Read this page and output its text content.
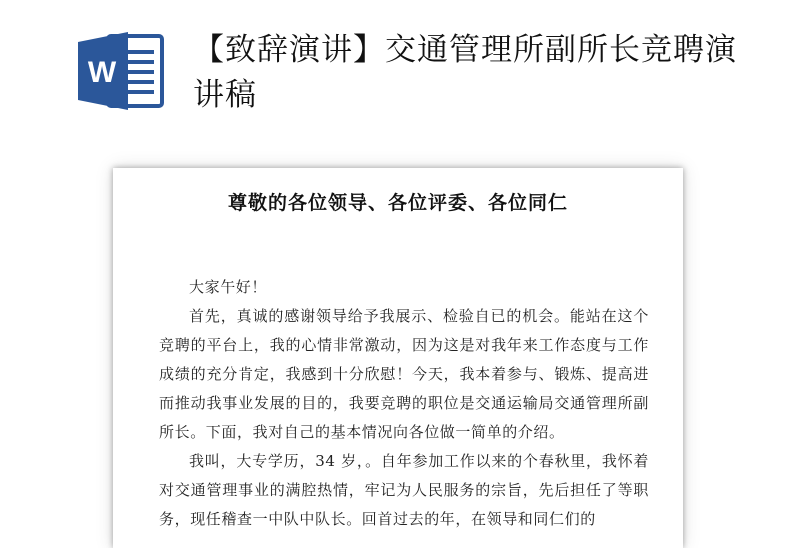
W
【致辞演讲】交通管理所副所长竞聘演讲稿
尊敬的各位领导、各位评委、各位同仁

大家午好！

首先，真诚的感谢领导给予我展示、检验自已的机会。能站在这个竞聘的平台上，我的心情非常激动，因为这是对我年来工作态度与工作成绩的充分肯定，我感到十分欣慰！今天，我本着参与、锻炼、提高进而推动我事业发展的目的，我要竞聘的职位是交通运输局交通管理所副所长。下面，我对自己的基本情况向各位做一简单的介绍。

我叫，大专学历，34 岁，。自年参加工作以来的个春秋里，我怀着对交通管理事业的满腔热情，牢记为人民服务的宗旨，先后担任了等职务，现任稽查一中队中队长。回首过去的年，在领导和同仁们的
